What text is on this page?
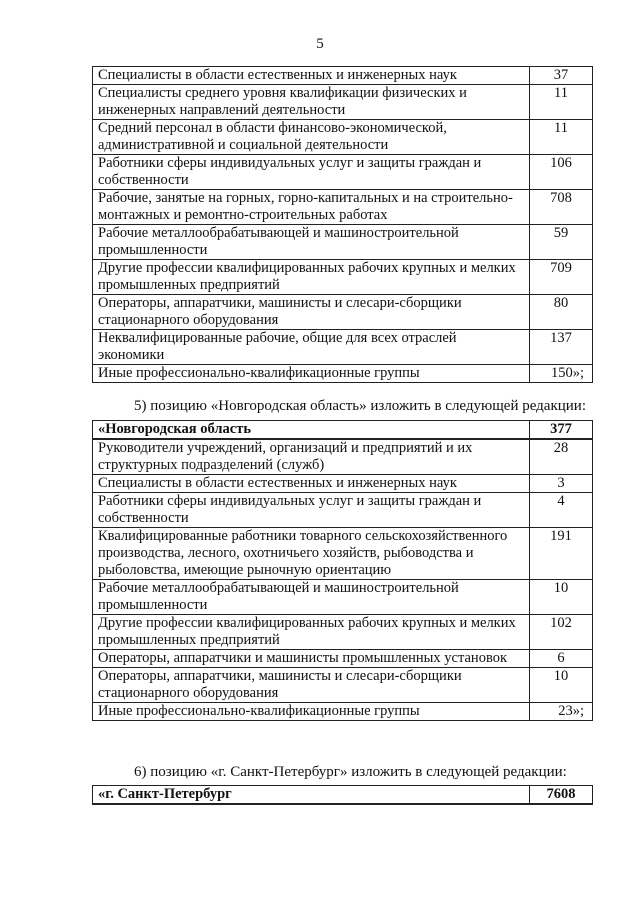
5
Специалисты в области естественных и инженерных наук	37
Специалисты среднего уровня квалификации физических и инженерных направлений деятельности	11
Средний персонал в области финансово-экономической, административной и социальной деятельности	11
Работники сферы индивидуальных услуг и защиты граждан и собственности	106
Рабочие, занятые на горных, горно-капитальных и на строительно-монтажных и ремонтно-строительных работах	708
Рабочие металлообрабатывающей и машиностроительной промышленности	59
Другие профессии квалифицированных рабочих крупных и мелких промышленных предприятий	709
Операторы, аппаратчики, машинисты и слесари-сборщики стационарного оборудования	80
Неквалифицированные рабочие, общие для всех отраслей экономики	137
Иные профессионально-квалификационные группы	150»;
5) позицию «Новгородская область» изложить в следующей редакции:
«Новгородская область	377
Руководители учреждений, организаций и предприятий и их структурных подразделений (служб)	28
Специалисты в области естественных и инженерных наук	3
Работники сферы индивидуальных услуг и защиты граждан и собственности	4
Квалифицированные работники товарного сельскохозяйственного производства, лесного, охотничьего хозяйств, рыбоводства и рыболовства, имеющие рыночную ориентацию	191
Рабочие металлообрабатывающей и машиностроительной промышленности	10
Другие профессии квалифицированных рабочих крупных и мелких промышленных предприятий	102
Операторы, аппаратчики и машинисты промышленных установок	6
Операторы, аппаратчики, машинисты и слесари-сборщики стационарного оборудования	10
Иные профессионально-квалификационные группы	23»;
6) позицию «г. Санкт-Петербург» изложить в следующей редакции:
«г. Санкт-Петербург	7608
